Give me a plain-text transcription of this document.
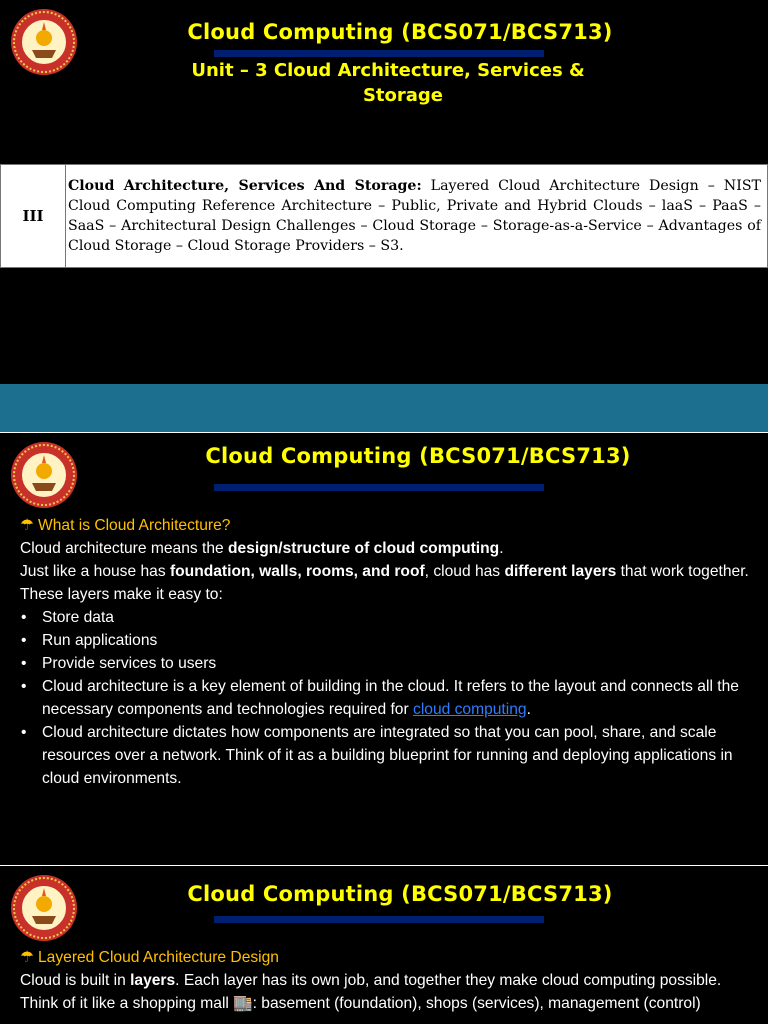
Cloud Computing (BCS071/BCS713)
Unit – 3 Cloud Architecture, Services &
Storage
III	Cloud Architecture, Services And Storage: Layered Cloud Architecture Design – NIST Cloud Computing Reference Architecture – Public, Private and Hybrid Clouds – laaS – PaaS – SaaS – Architectural Design Challenges – Cloud Storage – Storage-as-a-Service – Advantages of Cloud Storage – Cloud Storage Providers – S3.
Cloud Computing (BCS071/BCS713)
☂ What is Cloud Architecture?
Cloud architecture means the design/structure of cloud computing.
Just like a house has foundation, walls, rooms, and roof, cloud has different layers that work together.
These layers make it easy to:
• Store data
• Run applications
• Provide services to users
• Cloud architecture is a key element of building in the cloud. It refers to the layout and connects all the necessary components and technologies required for cloud computing.
• Cloud architecture dictates how components are integrated so that you can pool, share, and scale resources over a network. Think of it as a building blueprint for running and deploying applications in cloud environments.
Cloud Computing (BCS071/BCS713)
☂ Layered Cloud Architecture Design
Cloud is built in layers. Each layer has its own job, and together they make cloud computing possible.
Think of it like a shopping mall 🏬: basement (foundation), shops (services), management (control)
